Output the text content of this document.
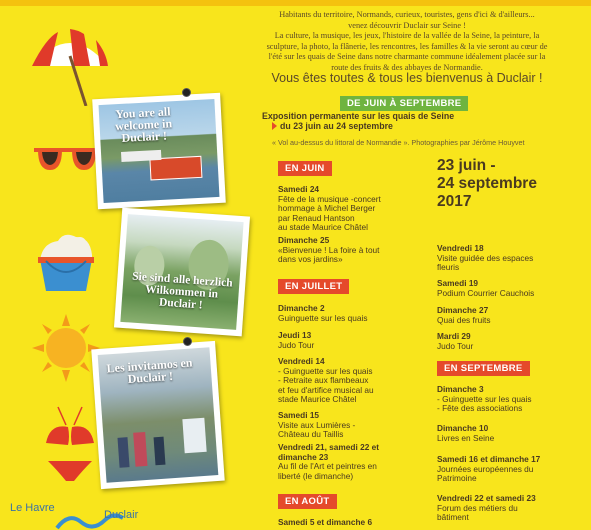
You are all welcome in Duclair !
Sie sind alle herzlich Wilkommen in Duclair !
Les invitamos en Duclair !

Habitants du territoire, Normands, curieux, touristes, gens d'ici & d'ailleurs...

venez découvrir Duclair sur Seine !

La culture, la musique, les jeux, l'histoire de la vallée de la Seine, la peinture, la

sculpture, la photo, la flânerie, les rencontres, les familles & la vie seront au cœur de

l'été sur les quais de Seine dans notre charmante commune idéalement placée sur la

route des fruits & des abbayes de Normandie.

Vous êtes toutes & tous les bienvenus à Duclair !
DE JUIN À SEPTEMBRE
Exposition permanente sur les quais de Seine
du 23 juin au 24 septembre
« Vol au-dessus du littoral de Normandie ». Photographies par Jérôme Houyvet
23 juin -
24 septembre
2017
EN JUIN
Samedi 24
Fête de la musique -concert
hommage à Michel Berger
par Renaud Hantson
au stade Maurice Châtel
Dimanche 25
«Bienvenue ! La foire à tout
dans vos jardins»
EN JUILLET
Dimanche 2
Guinguette sur les quais
Jeudi 13
Judo Tour
Vendredi 14
- Guinguette sur les quais
- Retraite aux flambeaux
et feu d'artifice musical au
stade Maurice Châtel
Samedi 15
Visite aux Lumières -
Château du Taillis
Vendredi 21, samedi 22 et
dimanche 23
Au fil de l'Art et peintres en
liberté (le dimanche)
EN AOÛT
Samedi 5 et dimanche 6
Vendredi 18
Visite guidée des espaces
fleuris
Samedi 19
Podium Courrier Cauchois
Dimanche 27
Quai des fruits
Mardi 29
Judo Tour
EN SEPTEMBRE
Dimanche 3
- Guinguette sur les quais
- Fête des associations
Dimanche 10
Livres en Seine
Samedi 16 et dimanche 17
Journées européennes du
Patrimoine
Vendredi 22 et samedi 23
Forum des métiers du
bâtiment
Le Havre
Duclair
